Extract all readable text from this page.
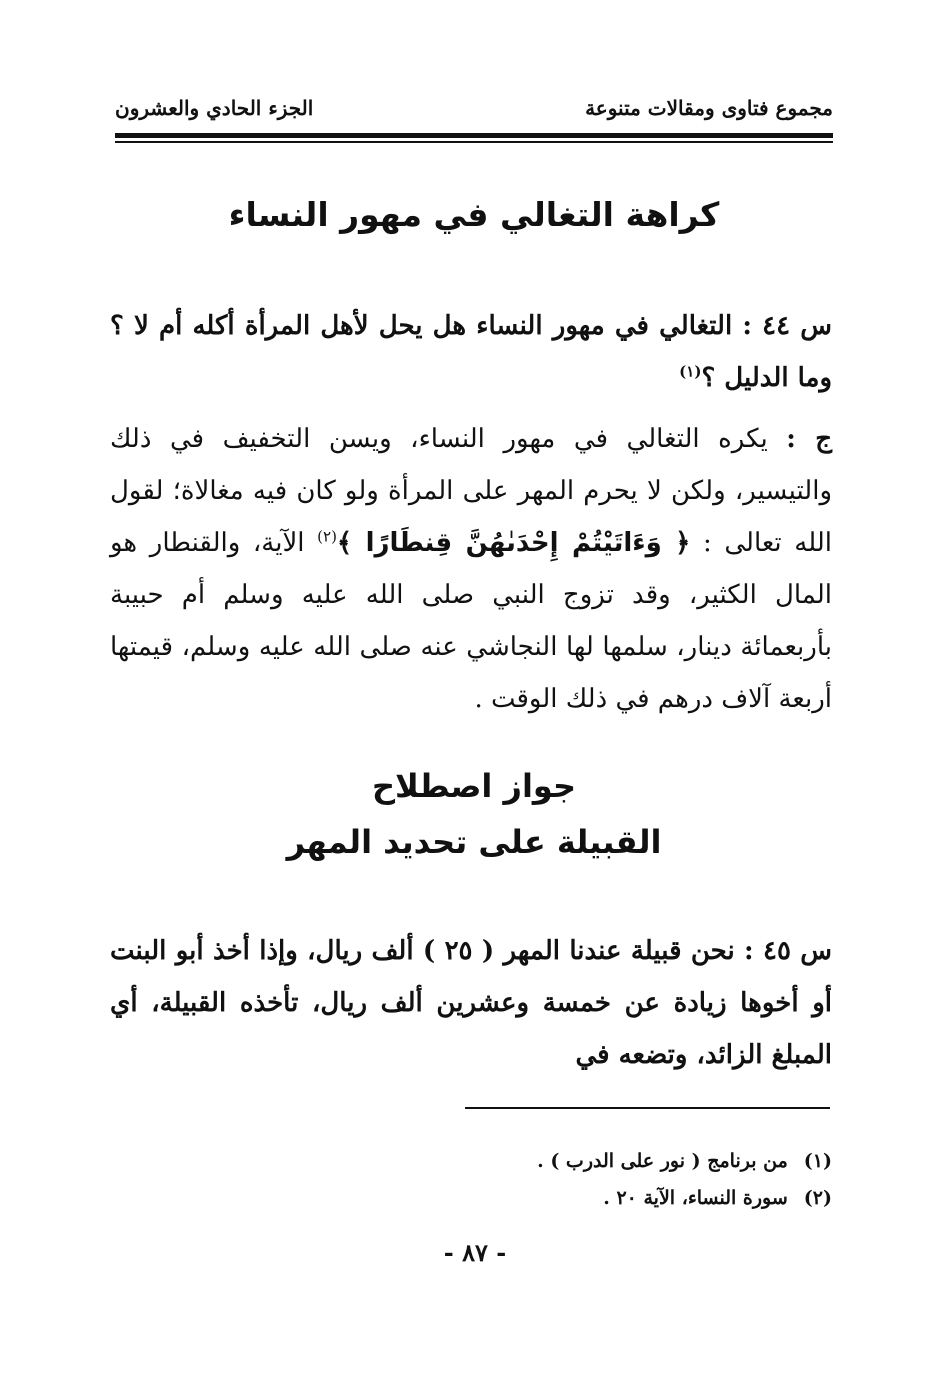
مجموع فتاوى ومقالات متنوعة
الجزء الحادي والعشرون
كراهة التغالي في مهور النساء
س ٤٤ : التغالي في مهور النساء هل يحل لأهل المرأة أكله أم لا ؟ وما الدليل ؟$^{(١)}$
ج : يكره التغالي في مهور النساء، ويسن التخفيف في ذلك والتيسير، ولكن لا يحرم المهر على المرأة ولو كان فيه مغالاة؛ لقول الله تعالى : ﴿ وَءَاتَيْتُمْ إِحْدَىٰهُنَّ قِنطَارًا ﴾$^{(٢)}$ الآية، والقنطار هو المال الكثير، وقد تزوج النبي صلى الله عليه وسلم أم حبيبة بأربعمائة دينار، سلمها لها النجاشي عنه صلى الله عليه وسلم، قيمتها أربعة آلاف درهم في ذلك الوقت .
جواز اصطلاح
القبيلة على تحديد المهر
س ٤٥ : نحن قبيلة عندنا المهر ( ٢٥ ) ألف ريال، وإذا أخذ أبو البنت أو أخوها زيادة عن خمسة وعشرين ألف ريال، تأخذه القبيلة، أي المبلغ الزائد، وتضعه في
(١)من برنامج ( نور على الدرب ) .
(٢)سورة النساء، الآية ٢٠ .
- ٨٧ -
